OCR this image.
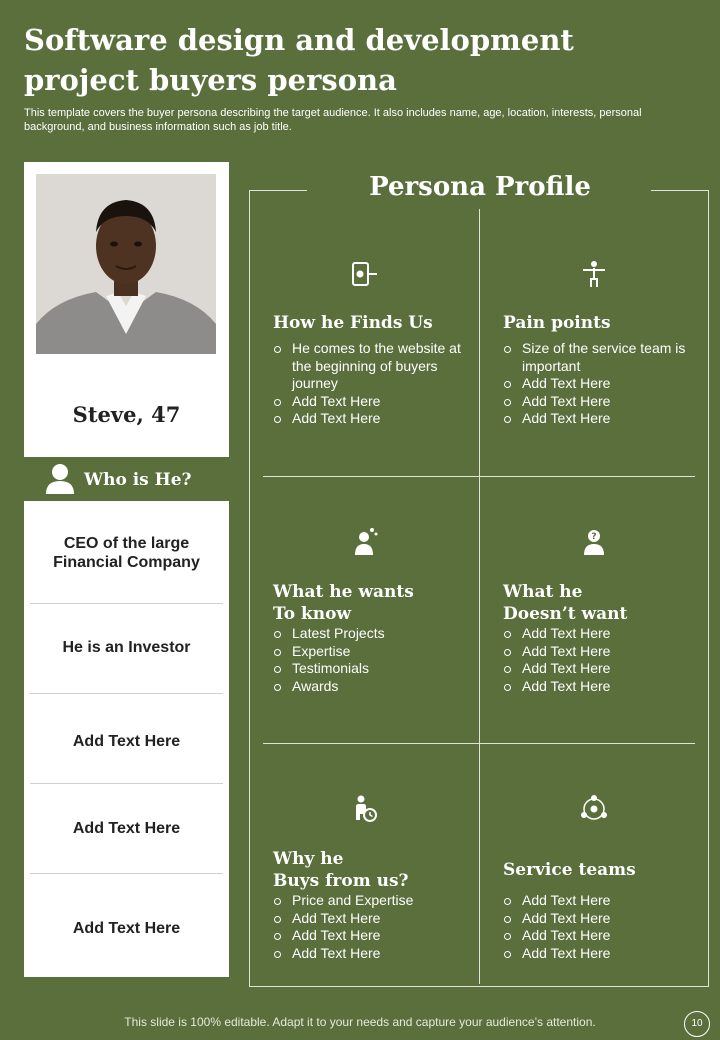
Software design and development project buyers persona
This template covers the buyer persona describing the target audience. It also includes name, age, location, interests, personal background, and business information such as job title.
Steve, 47
Who is He?
CEO of the large Financial Company
He is an Investor
Add Text Here
Add Text Here
Add Text Here
Persona Profile
How he Finds Us
He comes to the website at the beginning of buyers journey
Add Text Here
Add Text Here
Pain points
Size of the service team is important
Add Text Here
Add Text Here
Add Text Here
What he wants
To know
Latest Projects
Expertise
Testimonials
Awards
?
What he
Doesn’t want
Add Text Here
Add Text Here
Add Text Here
Add Text Here
Why he
Buys from us?
Price and Expertise
Add Text Here
Add Text Here
Add Text Here
Service teams
Add Text Here
Add Text Here
Add Text Here
Add Text Here
This slide is 100% editable. Adapt it to your needs and capture your audience’s attention.	10
